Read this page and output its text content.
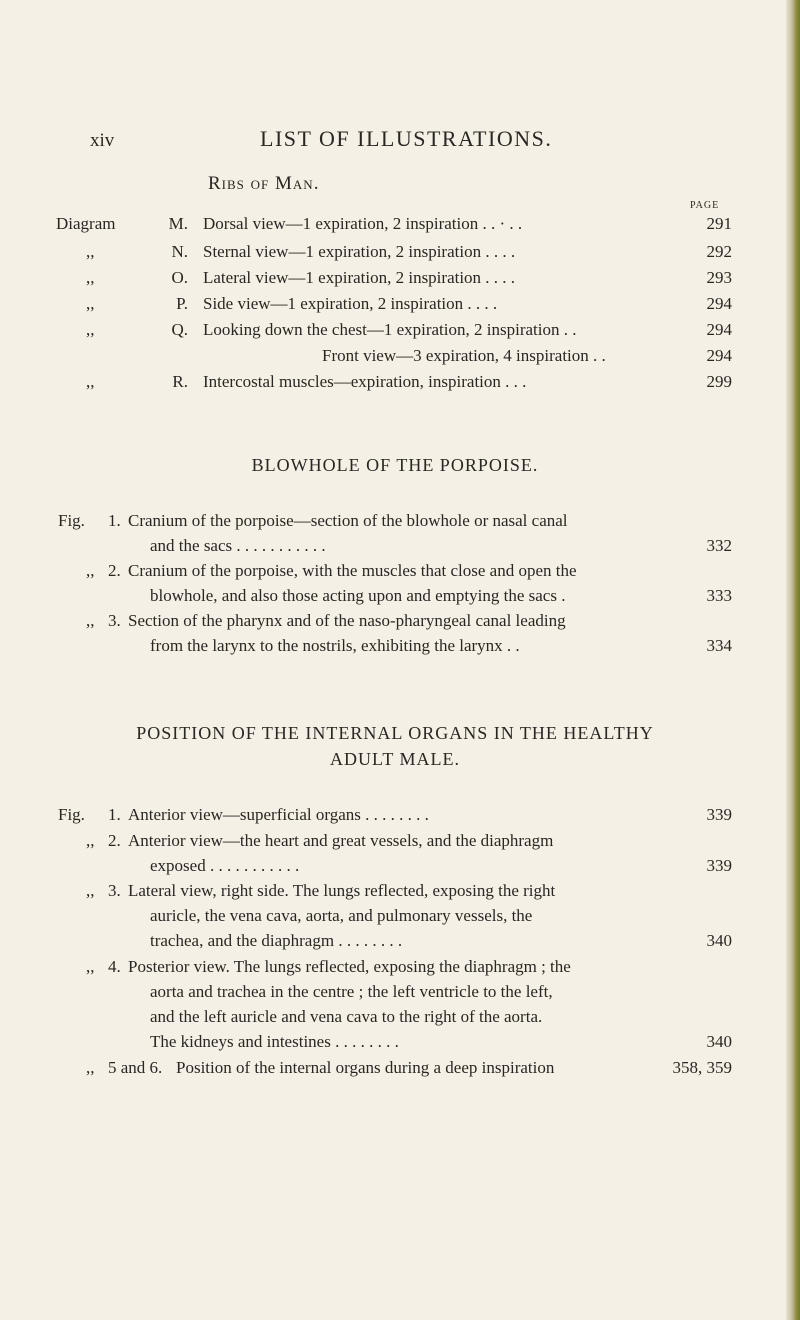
xiv	LIST OF ILLUSTRATIONS.
Ribs of Man.
PAGE
Diagram	M. Dorsal view—1 expiration, 2 inspiration . . · . .	291
,,	N. Sternal view—1 expiration, 2 inspiration . . . .	292
,,	O. Lateral view—1 expiration, 2 inspiration . . . .	293
,,	P. Side view—1 expiration, 2 inspiration . . . .	294
,,	Q. Looking down the chest—1 expiration, 2 inspiration . .	294
Front view—3 expiration, 4 inspiration . .	294
,,	R. Intercostal muscles—expiration, inspiration . . .	299
BLOWHOLE OF THE PORPOISE.
Fig. 1. Cranium of the porpoise—section of the blowhole or nasal canal
and the sacs . . . . . . . . . . .	332
,, 2. Cranium of the porpoise, with the muscles that close and open the
blowhole, and also those acting upon and emptying the sacs .	333
,, 3. Section of the pharynx and of the naso-pharyngeal canal leading
from the larynx to the nostrils, exhibiting the larynx . .	334
POSITION OF THE INTERNAL ORGANS IN THE HEALTHY
ADULT MALE.
Fig. 1. Anterior view—superficial organs . . . . . . . .	339
,, 2. Anterior view—the heart and great vessels, and the diaphragm
exposed . . . . . . . . . . .	339
,, 3. Lateral view, right side. The lungs reflected, exposing the right
auricle, the vena cava, aorta, and pulmonary vessels, the
trachea, and the diaphragm . . . . . . . .	340
,, 4. Posterior view. The lungs reflected, exposing the diaphragm ; the
aorta and trachea in the centre ; the left ventricle to the left,
and the left auricle and vena cava to the right of the aorta.
The kidneys and intestines . . . . . . . .	340
,, 5 and 6. Position of the internal organs during a deep inspiration	358, 359
